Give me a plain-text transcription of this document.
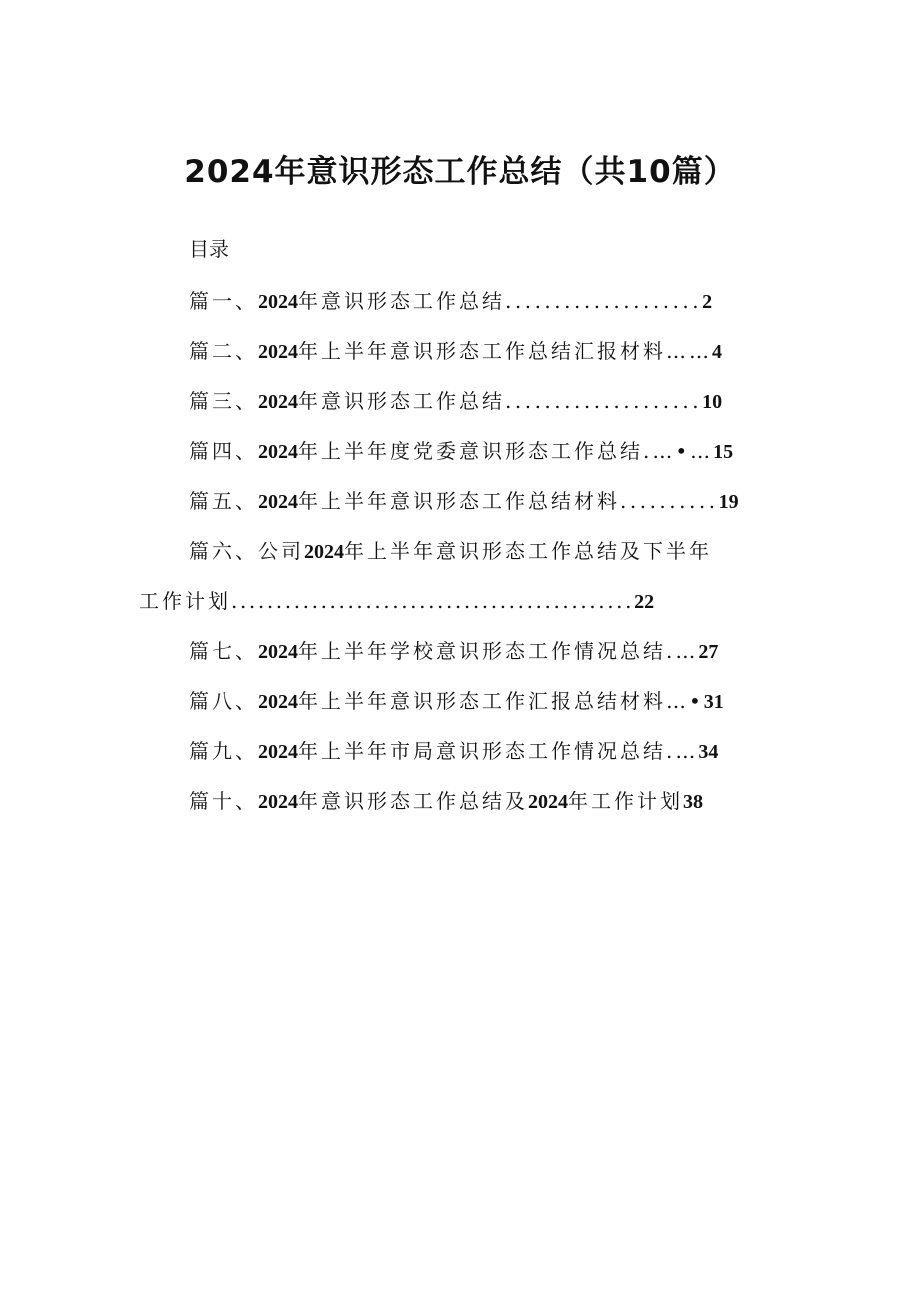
2024年意识形态工作总结（共10篇）

目录

篇一、2024年意识形态工作总结....................2

篇二、2024年上半年意识形态工作总结汇报材料……4

篇三、2024年意识形态工作总结....................10

篇四、2024年上半年度党委意识形态工作总结.…•…15

篇五、2024年上半年意识形态工作总结材料..........19

篇六、公司2024年上半年意识形态工作总结及下半年

工作计划.............................................22

篇七、2024年上半年学校意识形态工作情况总结.…27

篇八、2024年上半年意识形态工作汇报总结材料…•31

篇九、2024年上半年市局意识形态工作情况总结.…34

篇十、2024年意识形态工作总结及2024年工作计划38
